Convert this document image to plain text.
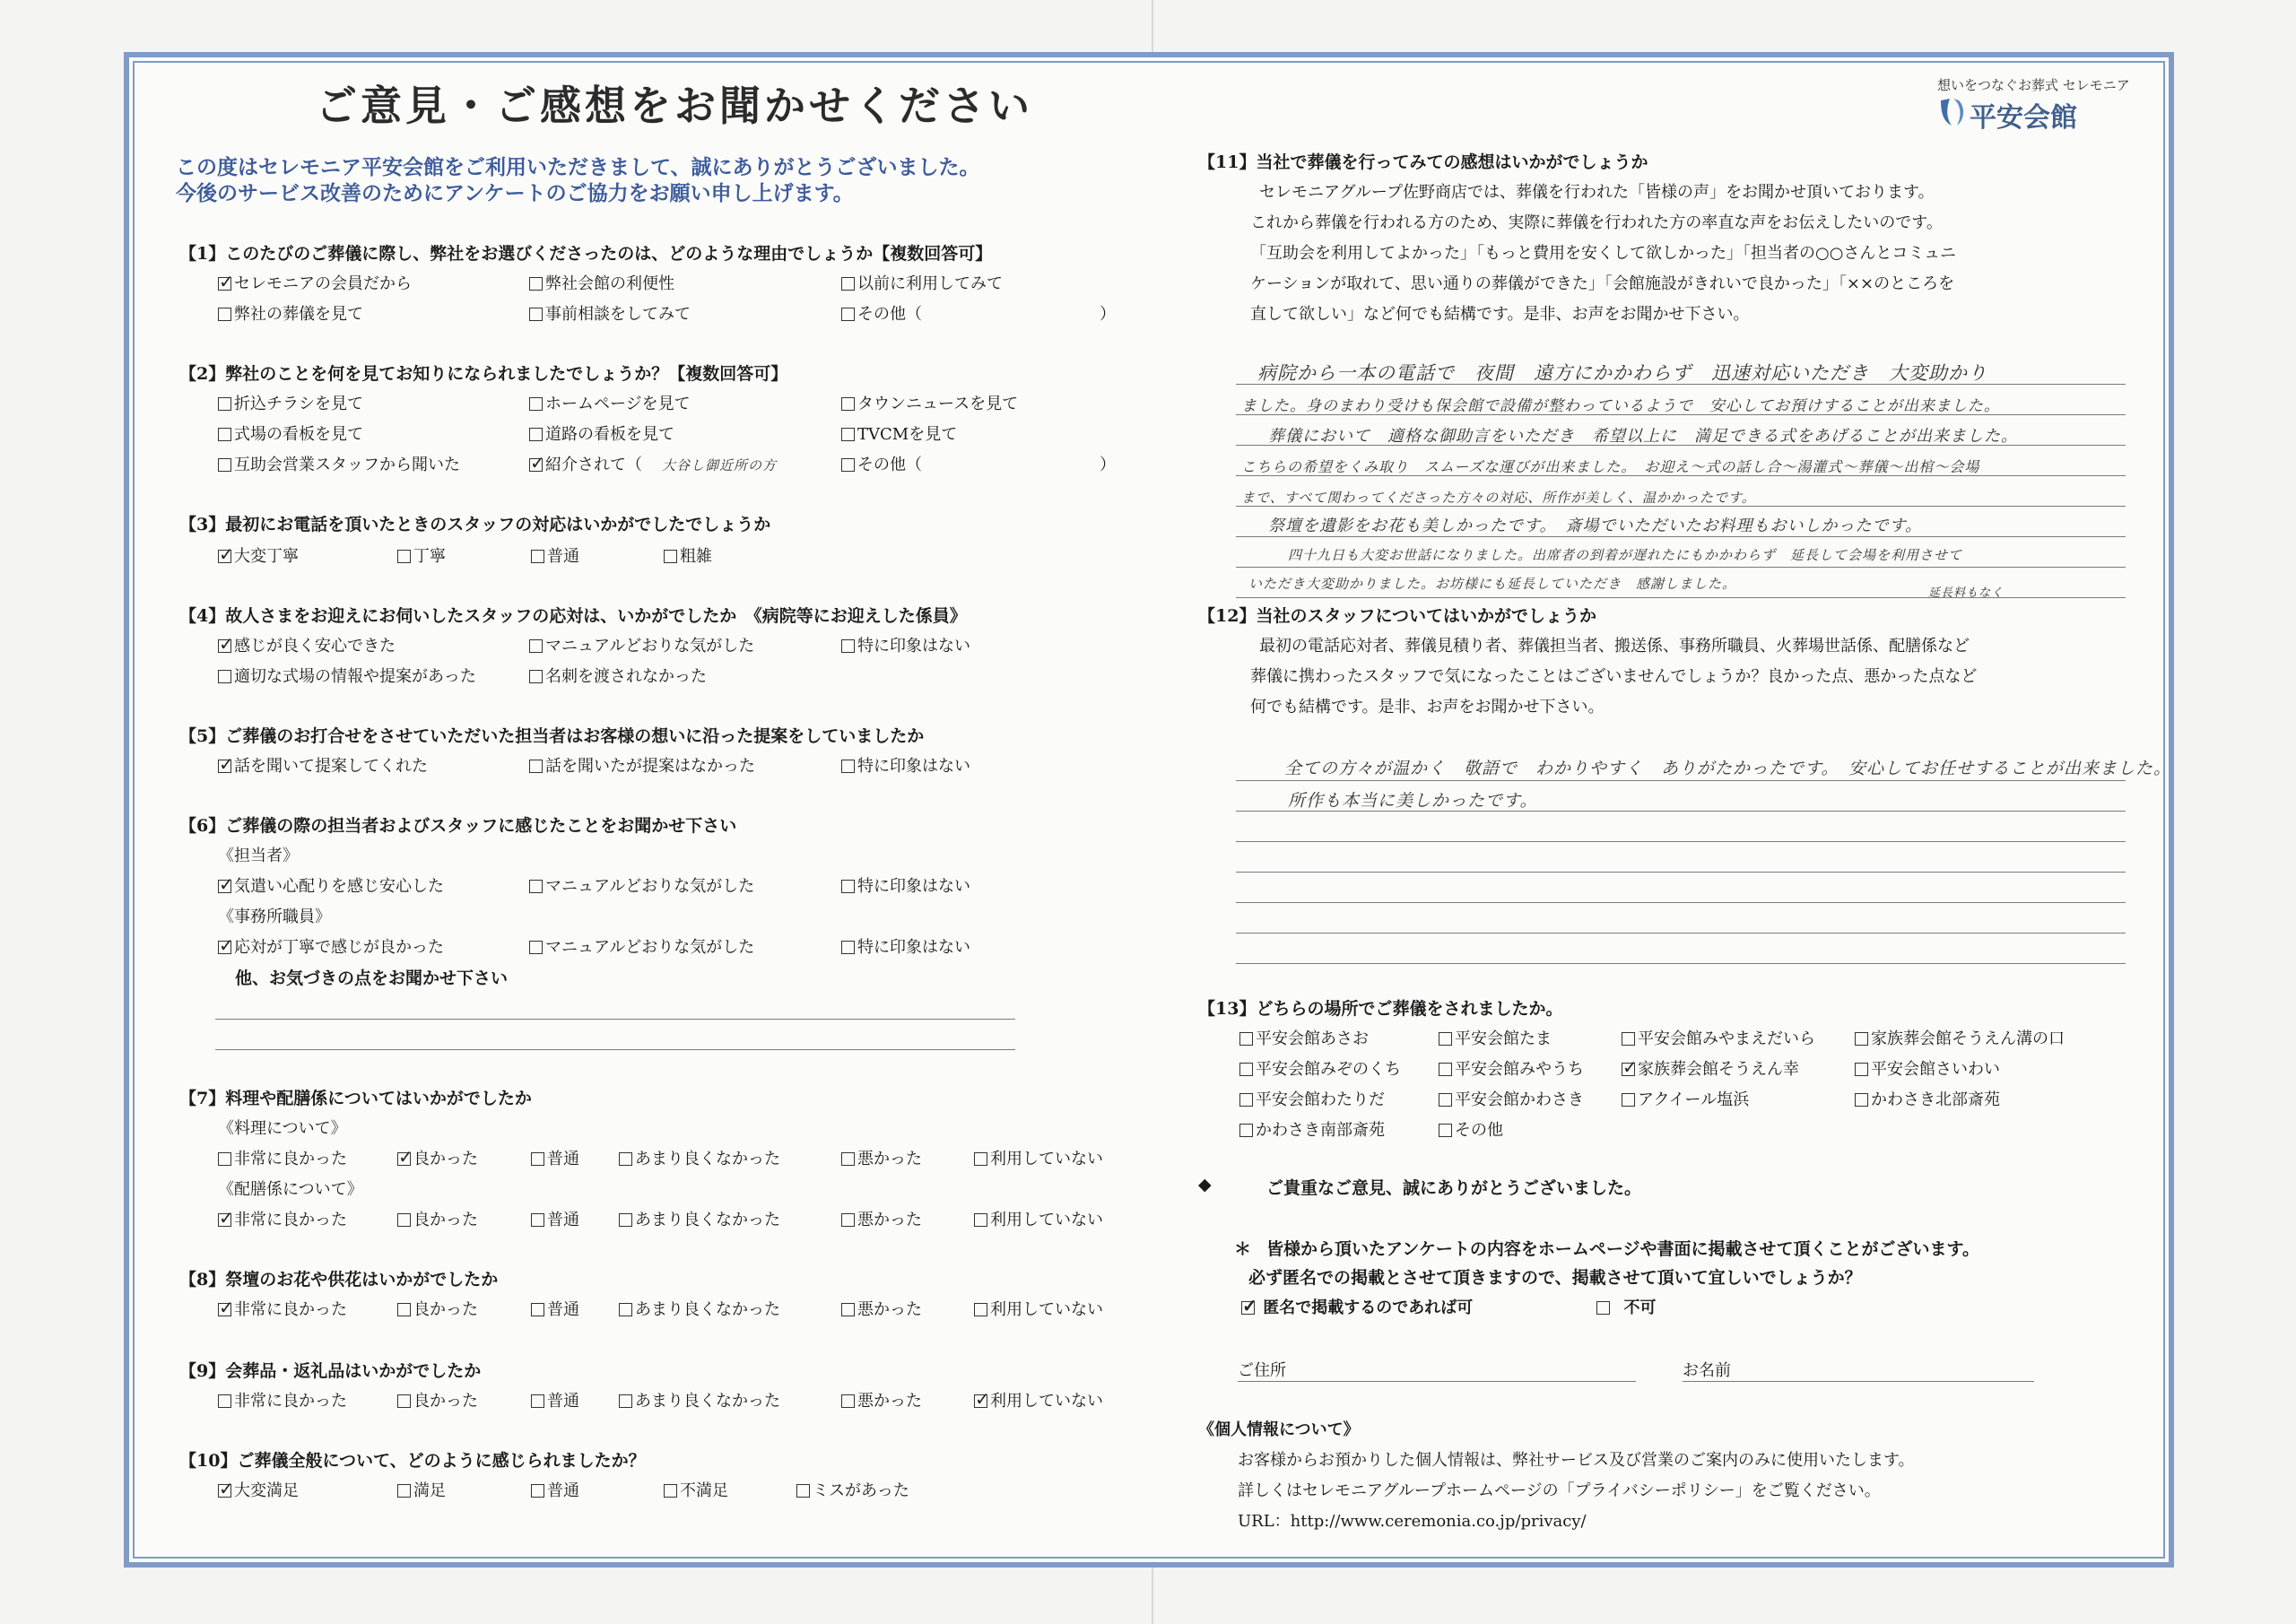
ご意見・ご感想をお聞かせください
この度はセレモニア平安会館をご利用いただきまして、誠にありがとうございました。
今後のサービス改善のためにアンケートのご協力をお願い申し上げます。
【1】このたびのご葬儀に際し、弊社をお選びくださったのは、どのような理由でしょうか【複数回答可】
✓セレモニアの会員だから	弊社会館の利便性	以前に利用してみて
弊社の葬儀を見て	事前相談をしてみて	その他（　　　　　　　　　　　）
【2】弊社のことを何を見てお知りになられましたでしょうか？【複数回答可】
折込チラシを見て	ホームページを見て	タウンニュースを見て
式場の看板を見て	道路の看板を見て	TVCMを見て
互助会営業スタッフから聞いた ✓	紹介されて（ 大谷し御近所の方	その他（　　　　　　　　　　　）
【3】最初にお電話を頂いたときのスタッフの対応はいかがでしたでしょうか
✓大変丁寧	丁寧	普通	粗雑
【4】故人さまをお迎えにお伺いしたスタッフの応対は、いかがでしたか　《病院等にお迎えした係員》
✓感じが良く安心できた	マニュアルどおりな気がした	特に印象はない
適切な式場の情報や提案があった	名刺を渡されなかった
【5】ご葬儀のお打合せをさせていただいた担当者はお客様の想いに沿った提案をしていましたか
✓話を聞いて提案してくれた	話を聞いたが提案はなかった	特に印象はない
【6】ご葬儀の際の担当者およびスタッフに感じたことをお聞かせ下さい
《担当者》
✓気遣い心配りを感じ安心した	マニュアルどおりな気がした	特に印象はない
《事務所職員》
✓応対が丁寧で感じが良かった	マニュアルどおりな気がした	特に印象はない
他、お気づきの点をお聞かせ下さい
【7】料理や配膳係についてはいかがでしたか
《料理について》
非常に良かった ✓	良かった	普通	あまり良くなかった	悪かった	利用していない
《配膳係について》
✓非常に良かった	良かった	普通	あまり良くなかった	悪かった	利用していない
【8】祭壇のお花や供花はいかがでしたか
✓非常に良かった	良かった	普通	あまり良くなかった	悪かった	利用していない
【9】会葬品・返礼品はいかがでしたか
非常に良かった	良かった	普通	あまり良くなかった	悪かった ✓	利用していない
【10】ご葬儀全般について、どのように感じられましたか？
✓大変満足	満足	普通	不満足	ミスがあった
想いをつなぐお葬式 セレモニア
平安会館
【11】当社で葬儀を行ってみての感想はいかがでしょうか
セレモニアグループ佐野商店では、葬儀を行われた「皆様の声」をお聞かせ頂いております。
これから葬儀を行われる方のため、実際に葬儀を行われた方の率直な声をお伝えしたいのです。
「互助会を利用してよかった」「もっと費用を安くして欲しかった」「担当者の○○さんとコミュニ
ケーションが取れて、思い通りの葬儀ができた」「会館施設がきれいで良かった」「××のところを
直して欲しい」など何でも結構です。是非、お声をお聞かせ下さい。
病院から一本の電話で　夜間　遠方にかかわらず　迅速対応いただき　大変助かり
ました。身のまわり受けも保会館で設備が整わっているようで　安心してお預けすることが出来ました。
葬儀において　適格な御助言をいただき　希望以上に　満足できる式をあげることが出来ました。
こちらの希望をくみ取り　スムーズな運びが出来ました。　お迎え〜式の話し合〜湯灌式〜葬儀〜出棺〜会場
まで、すべて関わってくださった方々の対応、所作が美しく、温かかったです。
祭壇を遺影をお花も美しかったです。　斎場でいただいたお料理もおいしかったです。
四十九日も大変お世話になりました。出席者の到着が遅れたにもかかわらず　延長して会場を利用させて
いただき大変助かりました。お坊様にも延長していただき　感謝しました。
延長料もなく
【12】当社のスタッフについてはいかがでしょうか
最初の電話応対者、葬儀見積り者、葬儀担当者、搬送係、事務所職員、火葬場世話係、配膳係など
葬儀に携わったスタッフで気になったことはございませんでしょうか？良かった点、悪かった点など
何でも結構です。是非、お声をお聞かせ下さい。
全ての方々が温かく　敬語で　わかりやすく　ありがたかったです。　安心してお任せすることが出来ました。
所作も本当に美しかったです。
【13】どちらの場所でご葬儀をされましたか。
平安会館あさお	平安会館たま	平安会館みやまえだいら	家族葬会館そうえん溝の口
平安会館みぞのくち	平安会館みやうち ✓	家族葬会館そうえん幸	平安会館さいわい
平安会館わたりだ	平安会館かわさき	アクイール塩浜	かわさき北部斎苑
かわさき南部斎苑	その他
◆	ご貴重なご意見、誠にありがとうございました。
＊ 皆様から頂いたアンケートの内容をホームページや書面に掲載させて頂くことがございます。
必ず匿名での掲載とさせて頂きますので、掲載させて頂いて宜しいでしょうか？
✓ 匿名で掲載するのであれば可	不可
ご住所	お名前
《個人情報について》
お客様からお預かりした個人情報は、弊社サービス及び営業のご案内のみに使用いたします。
詳しくはセレモニアグループホームページの「プライバシーポリシー」をご覧ください。
URL：http://www.ceremonia.co.jp/privacy/
